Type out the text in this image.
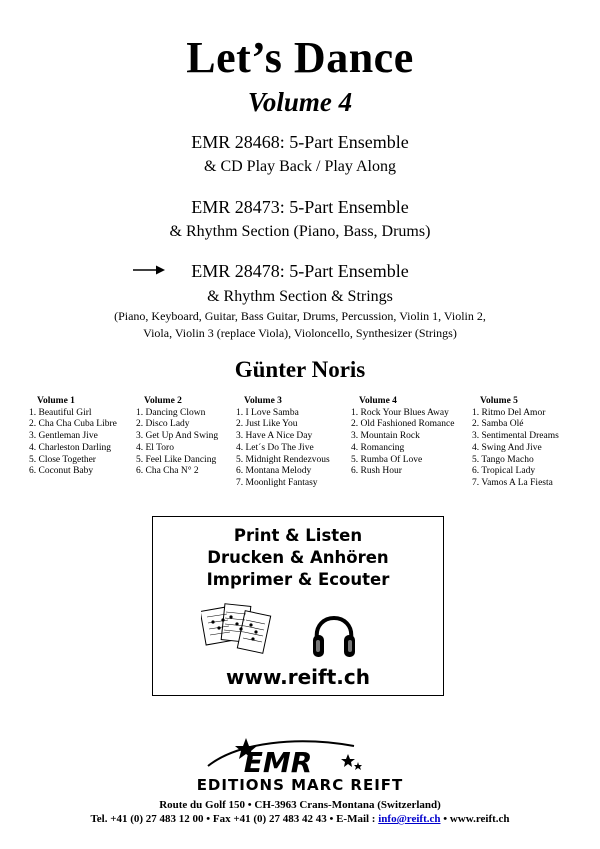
Let’s Dance
Volume 4
EMR 28468: 5-Part Ensemble
& CD Play Back / Play Along
EMR 28473: 5-Part Ensemble
& Rhythm Section (Piano, Bass, Drums)
EMR 28478: 5-Part Ensemble
& Rhythm Section & Strings
(Piano, Keyboard, Guitar, Bass Guitar, Drums, Percussion, Violin 1, Violin 2,
Viola, Violin 3 (replace Viola), Violoncello, Synthesizer (Strings)
Günter Noris
Volume 1
1. Beautiful Girl
2. Cha Cha Cuba Libre
3. Gentleman Jive
4. Charleston Darling
5. Close Together
6. Coconut Baby
Volume 2
1. Dancing Clown
2. Disco Lady
3. Get Up And Swing
4. El Toro
5. Feel Like Dancing
6. Cha Cha N° 2
Volume 3
1. I Love Samba
2. Just Like You
3. Have A Nice Day
4. Let´s Do The Jive
5. Midnight Rendezvous
6. Montana Melody
7. Moonlight Fantasy
Volume 4
1. Rock Your Blues Away
2. Old Fashioned Romance
3. Mountain Rock
4. Romancing
5. Rumba Of Love
6. Rush Hour
Volume 5
1. Ritmo Del Amor
2. Samba Olé
3. Sentimental Dreams
4. Swing And Jive
5. Tango Macho
6. Tropical Lady
7. Vamos A La Fiesta
Print & Listen
Drucken & Anhören
Imprimer & Ecouter
www.reift.ch
EMR
EDITIONS MARC REIFT
Route du Golf 150 • CH-3963 Crans-Montana (Switzerland)
Tel. +41 (0) 27 483 12 00 • Fax +41 (0) 27 483 42 43 • E-Mail : info@reift.ch • www.reift.ch
